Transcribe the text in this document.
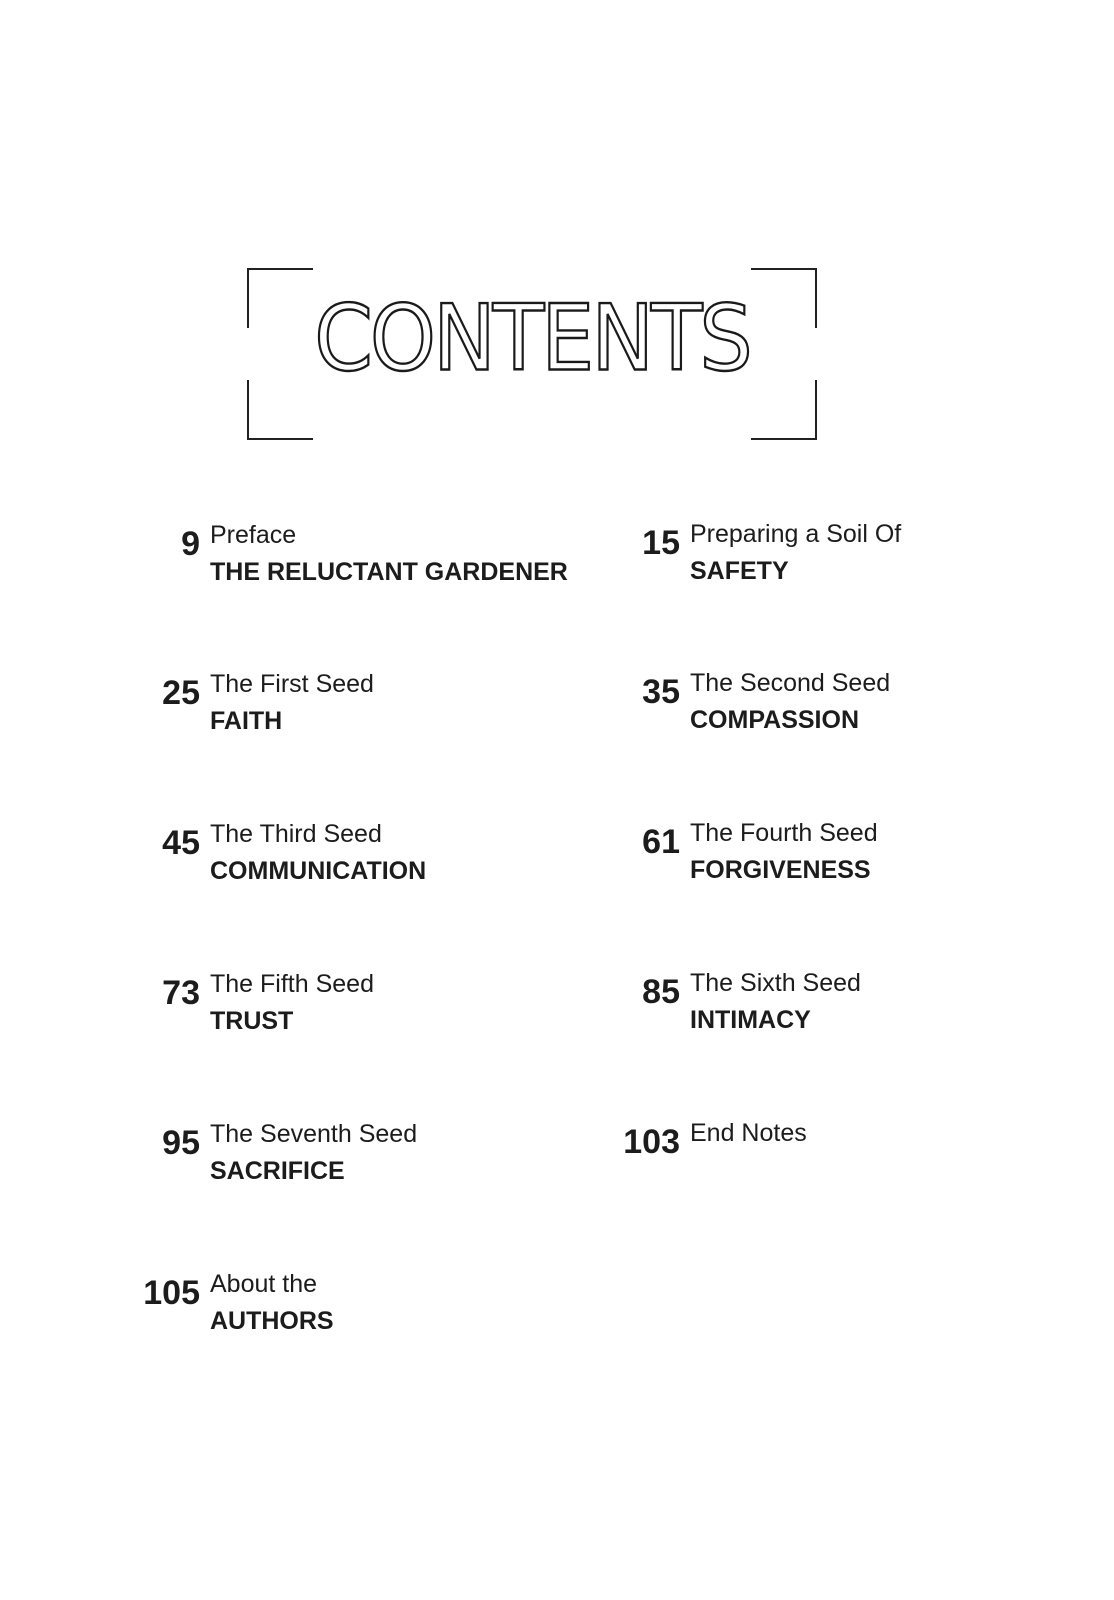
CONTENTS
9 Preface
THE RELUCTANT GARDENER
15 Preparing a Soil Of
SAFETY
25 The First Seed
FAITH
35 The Second Seed
COMPASSION
45 The Third Seed
COMMUNICATION
61 The Fourth Seed
FORGIVENESS
73 The Fifth Seed
TRUST
85 The Sixth Seed
INTIMACY
95 The Seventh Seed
SACRIFICE
103 End Notes
105 About the
AUTHORS
